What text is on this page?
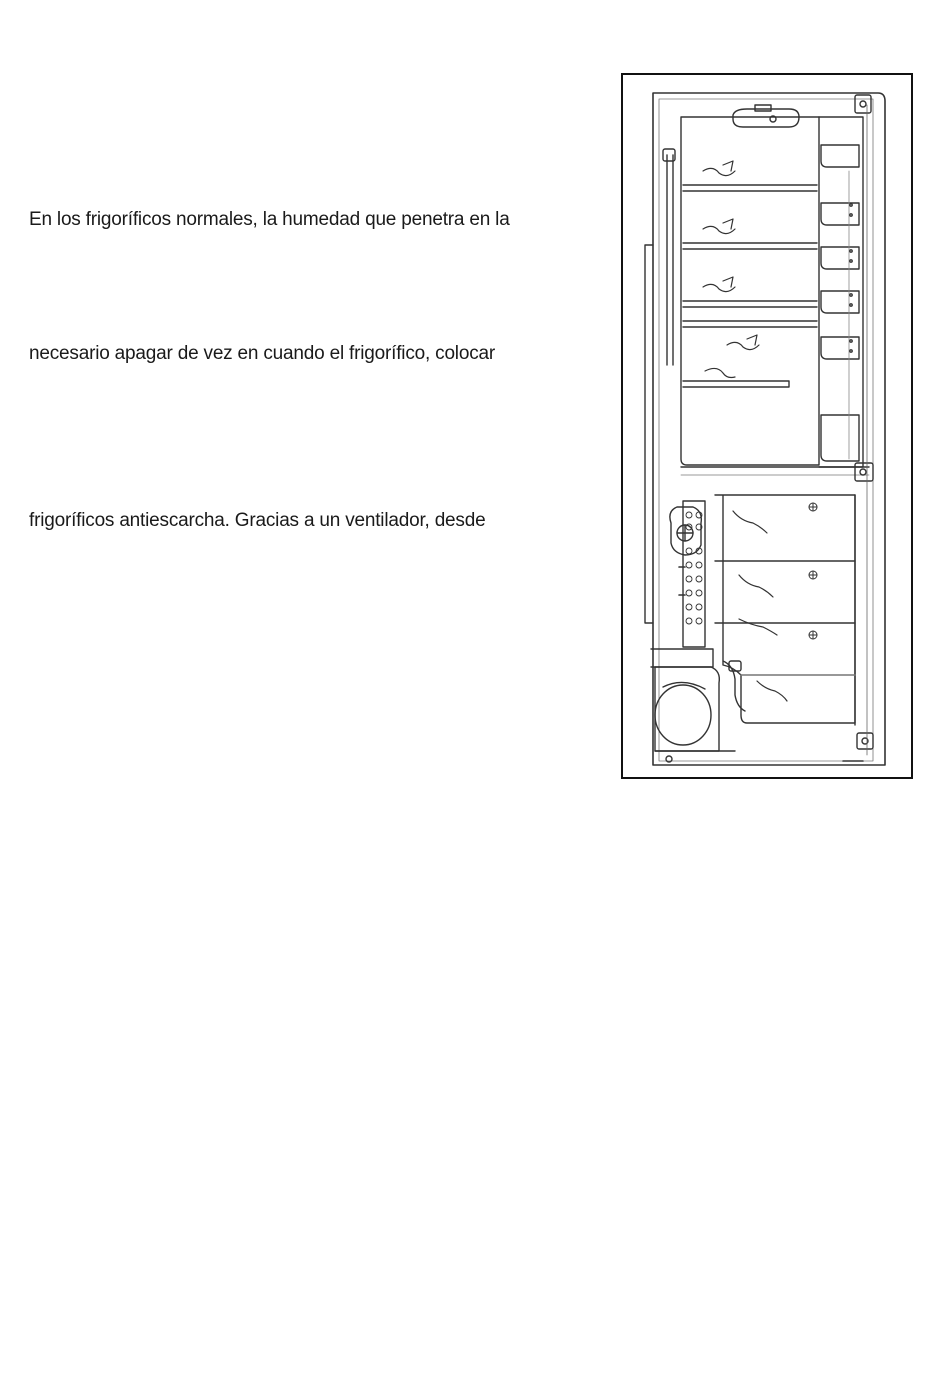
En los frigoríficos normales, la humedad que penetra en la
necesario apagar de vez en cuando el frigorífico, colocar
frigoríficos antiescarcha. Gracias a un ventilador, desde
